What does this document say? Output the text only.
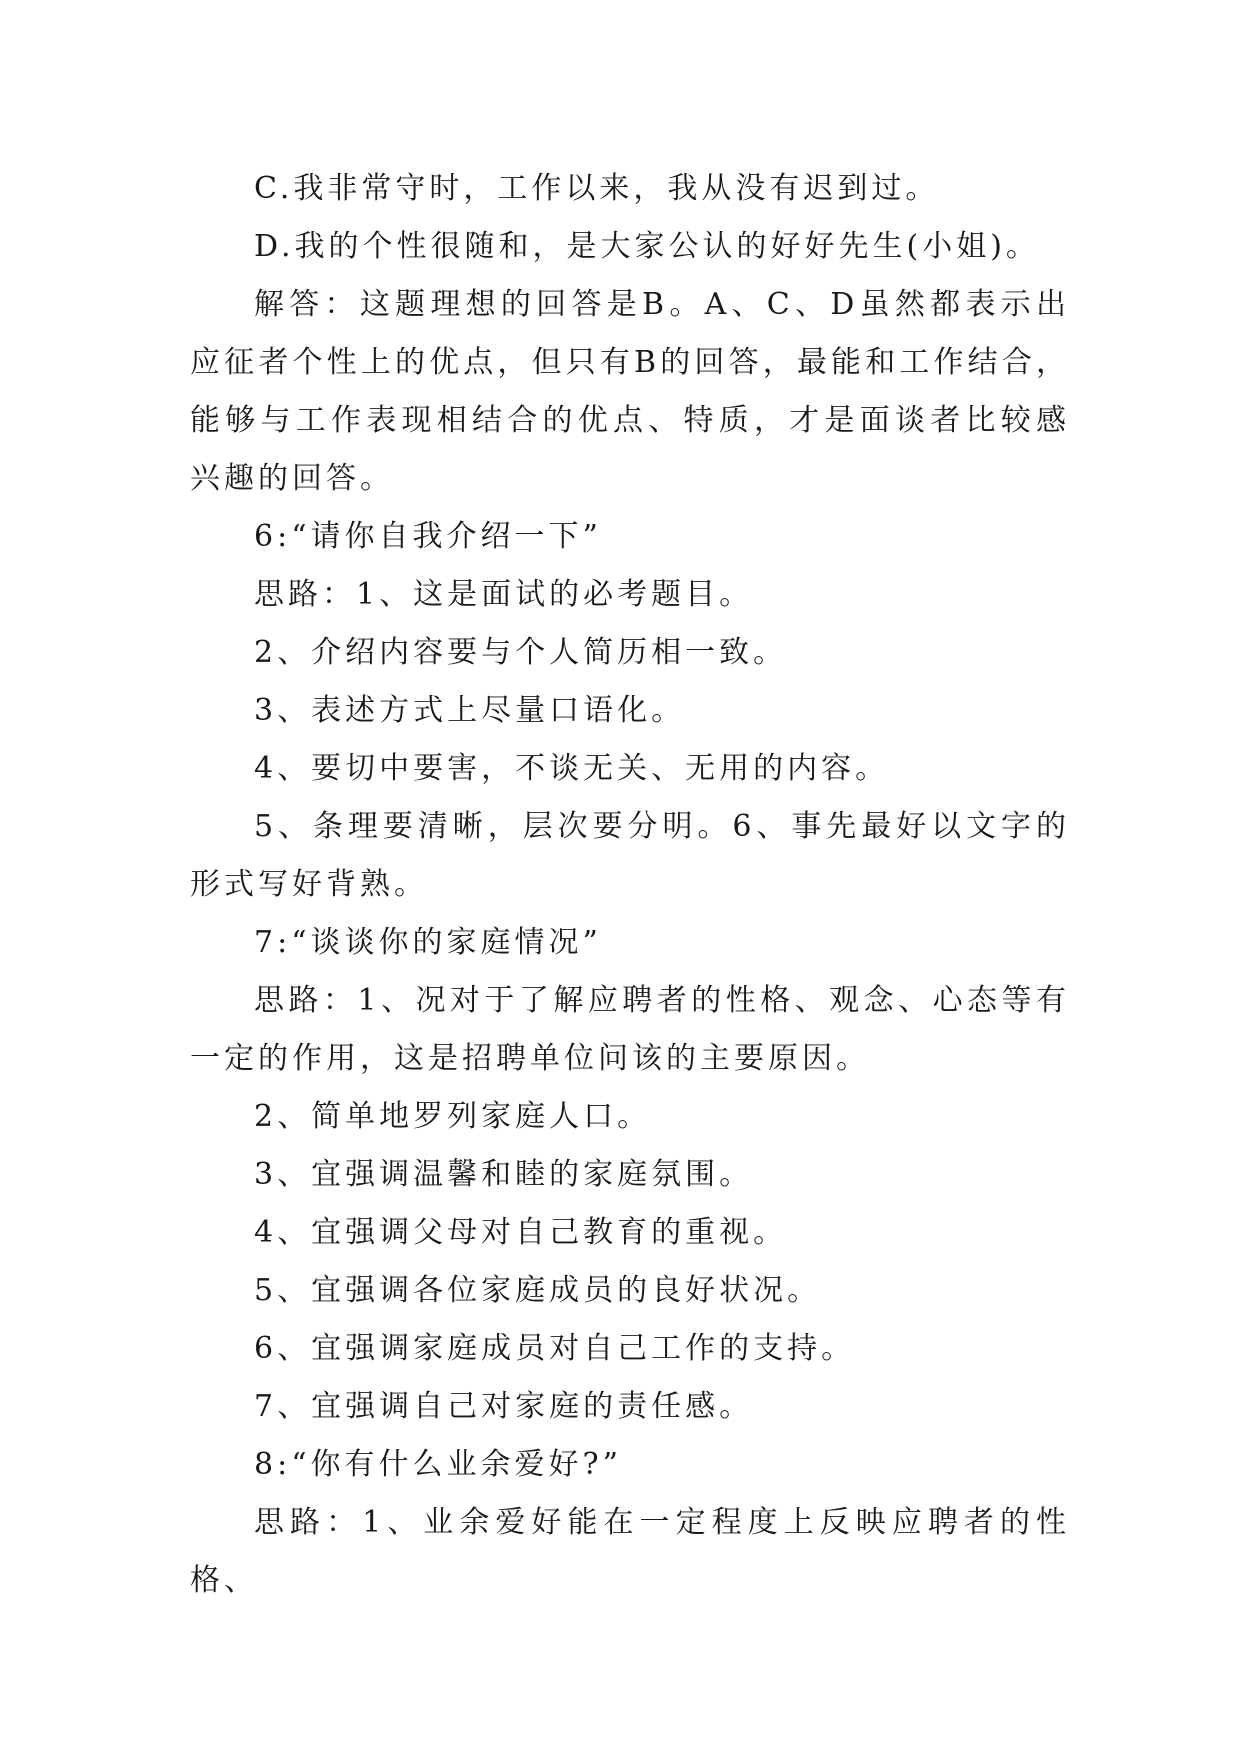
C.我非常守时，工作以来，我从没有迟到过。

D.我的个性很随和，是大家公认的好好先生(小姐)。

解答：这题理想的回答是B。A、C、D虽然都表示出应征者个性上的优点，但只有B的回答，最能和工作结合，能够与工作表现相结合的优点、特质，才是面谈者比较感兴趣的回答。

6:“请你自我介绍一下”

思路：1、这是面试的必考题目。

2、介绍内容要与个人简历相一致。

3、表述方式上尽量口语化。

4、要切中要害，不谈无关、无用的内容。

5、条理要清晰，层次要分明。6、事先最好以文字的形式写好背熟。

7:“谈谈你的家庭情况”

思路：1、况对于了解应聘者的性格、观念、心态等有一定的作用，这是招聘单位问该的主要原因。

2、简单地罗列家庭人口。

3、宜强调温馨和睦的家庭氛围。

4、宜强调父母对自己教育的重视。

5、宜强调各位家庭成员的良好状况。

6、宜强调家庭成员对自己工作的支持。

7、宜强调自己对家庭的责任感。

8:“你有什么业余爱好?”

思路：1、业余爱好能在一定程度上反映应聘者的性格、
